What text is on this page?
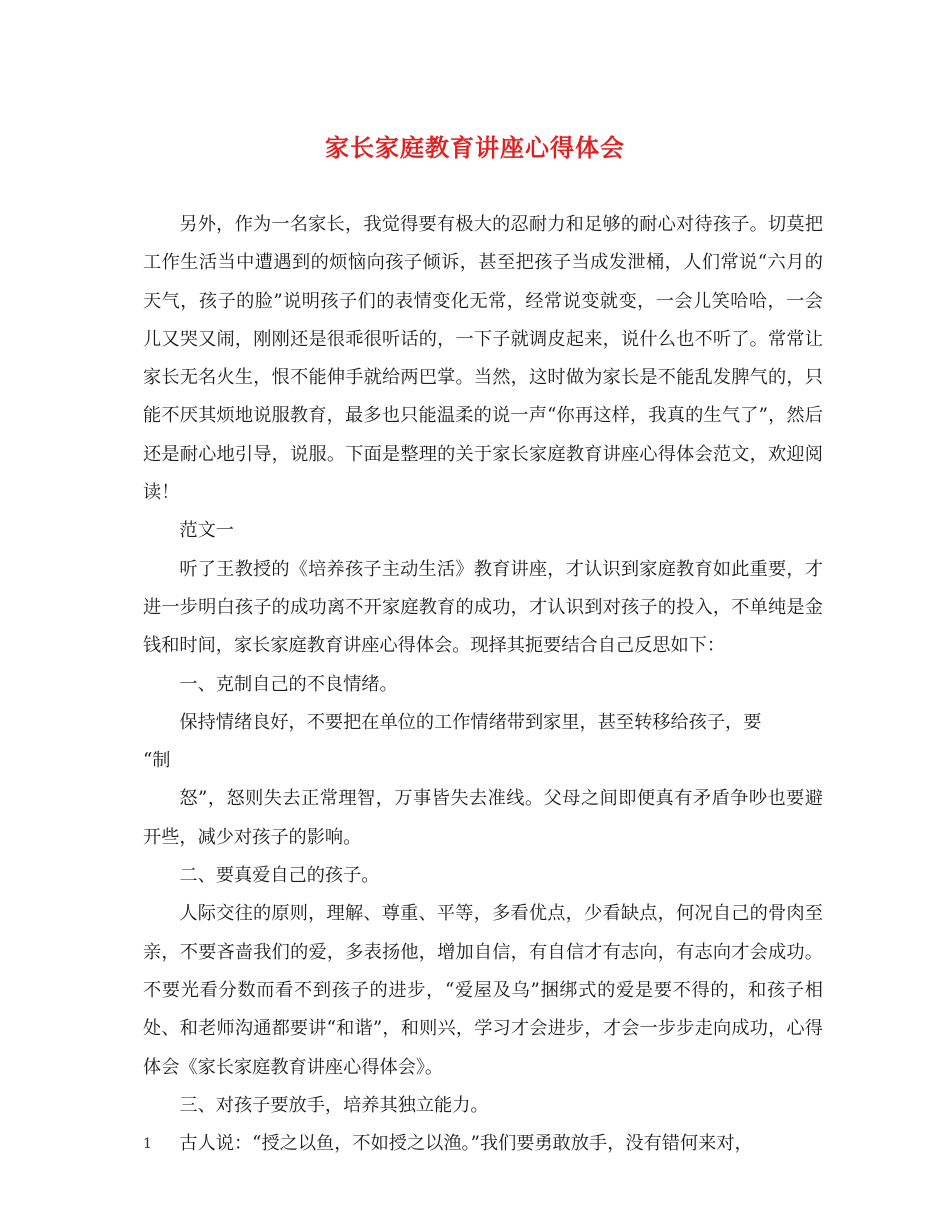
家长家庭教育讲座心得体会

另外，作为一名家长，我觉得要有极大的忍耐力和足够的耐心对待孩子。切莫把工作生活当中遭遇到的烦恼向孩子倾诉，甚至把孩子当成发泄桶，人们常说“六月的天气，孩子的脸”说明孩子们的表情变化无常，经常说变就变，一会儿笑哈哈，一会儿又哭又闹，刚刚还是很乖很听话的，一下子就调皮起来，说什么也不听了。常常让家长无名火生，恨不能伸手就给两巴掌。当然，这时做为家长是不能乱发脾气的，只能不厌其烦地说服教育，最多也只能温柔的说一声“你再这样，我真的生气了”，然后还是耐心地引导，说服。下面是整理的关于家长家庭教育讲座心得体会范文，欢迎阅读！

范文一

听了王教授的《培养孩子主动生活》教育讲座，才认识到家庭教育如此重要，才进一步明白孩子的成功离不开家庭教育的成功，才认识到对孩子的投入，不单纯是金钱和时间，家长家庭教育讲座心得体会。现择其扼要结合自己反思如下：

一、克制自己的不良情绪。

保持情绪良好，不要把在单位的工作情绪带到家里，甚至转移给孩子，要

“制

怒”，怒则失去正常理智，万事皆失去准线。父母之间即便真有矛盾争吵也要避开些，减少对孩子的影响。

二、要真爱自己的孩子。

人际交往的原则，理解、尊重、平等，多看优点，少看缺点，何况自己的骨肉至亲，不要吝啬我们的爱，多表扬他，增加自信，有自信才有志向，有志向才会成功。不要光看分数而看不到孩子的进步，“爱屋及乌”捆绑式的爱是要不得的，和孩子相处、和老师沟通都要讲“和谐”，和则兴，学习才会进步，才会一步步走向成功，心得体会《家长家庭教育讲座心得体会》。

三、对孩子要放手，培养其独立能力。

古人说：“授之以鱼，不如授之以渔。”我们要勇敢放手，没有错何来对，

1
